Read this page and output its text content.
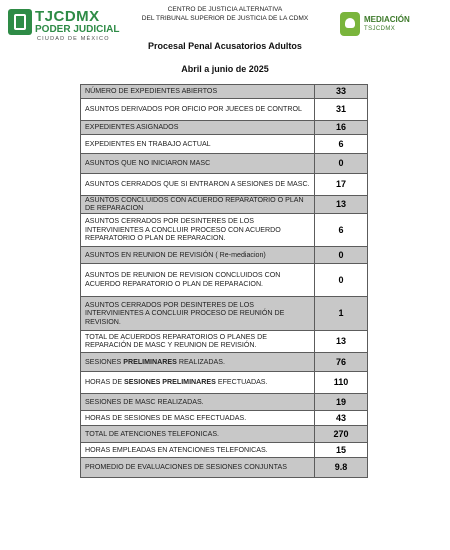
TJCDMX
PODER JUDICIAL
CIUDAD DE MÉXICO
CENTRO DE JUSTICIA ALTERNATIVA
DEL TRIBUNAL SUPERIOR DE JUSTICIA DE LA CDMX	MEDIACIÓN
TSJCDMX
Procesal Penal Acusatorios Adultos
Abril a junio de 2025
NÚMERO DE EXPEDIENTES ABIERTOS	33
ASUNTOS DERIVADOS POR OFICIO POR JUECES DE CONTROL	31
EXPEDIENTES ASIGNADOS	16
EXPEDIENTES EN TRABAJO ACTUAL	6
ASUNTOS QUE NO INICIARON MASC	0
ASUNTOS CERRADOS QUE SI ENTRARON A SESIONES DE MASC.	17
ASUNTOS CONCLUIDOS CON ACUERDO REPARATORIO O PLAN DE REPARACION	13
ASUNTOS CERRADOS POR DESINTERES DE LOS INTERVINIENTES A CONCLUIR PROCESO CON ACUERDO REPARATORIO O PLAN DE REPARACION.	6
ASUNTOS EN REUNION DE REVISIÓN ( Re-mediacion)	0
ASUNTOS DE REUNION DE REVISION CONCLUIDOS CON ACUERDO REPARATORIO O PLAN DE REPARACION.	0
ASUNTOS CERRADOS POR DESINTERES DE LOS INTERVINIENTES A CONCLUIR PROCESO DE REUNIÓN DE REVISION.	1
TOTAL DE ACUERDOS REPARATORIOS O PLANES DE REPARACIÓN DE MASC Y REUNION DE REVISIÓN.	13
SESIONES PRELIMINARES REALIZADAS.	76
HORAS DE SESIONES PRELIMINARES EFECTUADAS.	110
SESIONES DE MASC REALIZADAS.	19
HORAS DE SESIONES DE MASC EFECTUADAS.	43
TOTAL DE ATENCIONES TELEFONICAS.	270
HORAS EMPLEADAS EN ATENCIONES TELEFONICAS.	15
PROMEDIO DE EVALUACIONES DE SESIONES CONJUNTAS	9.8
